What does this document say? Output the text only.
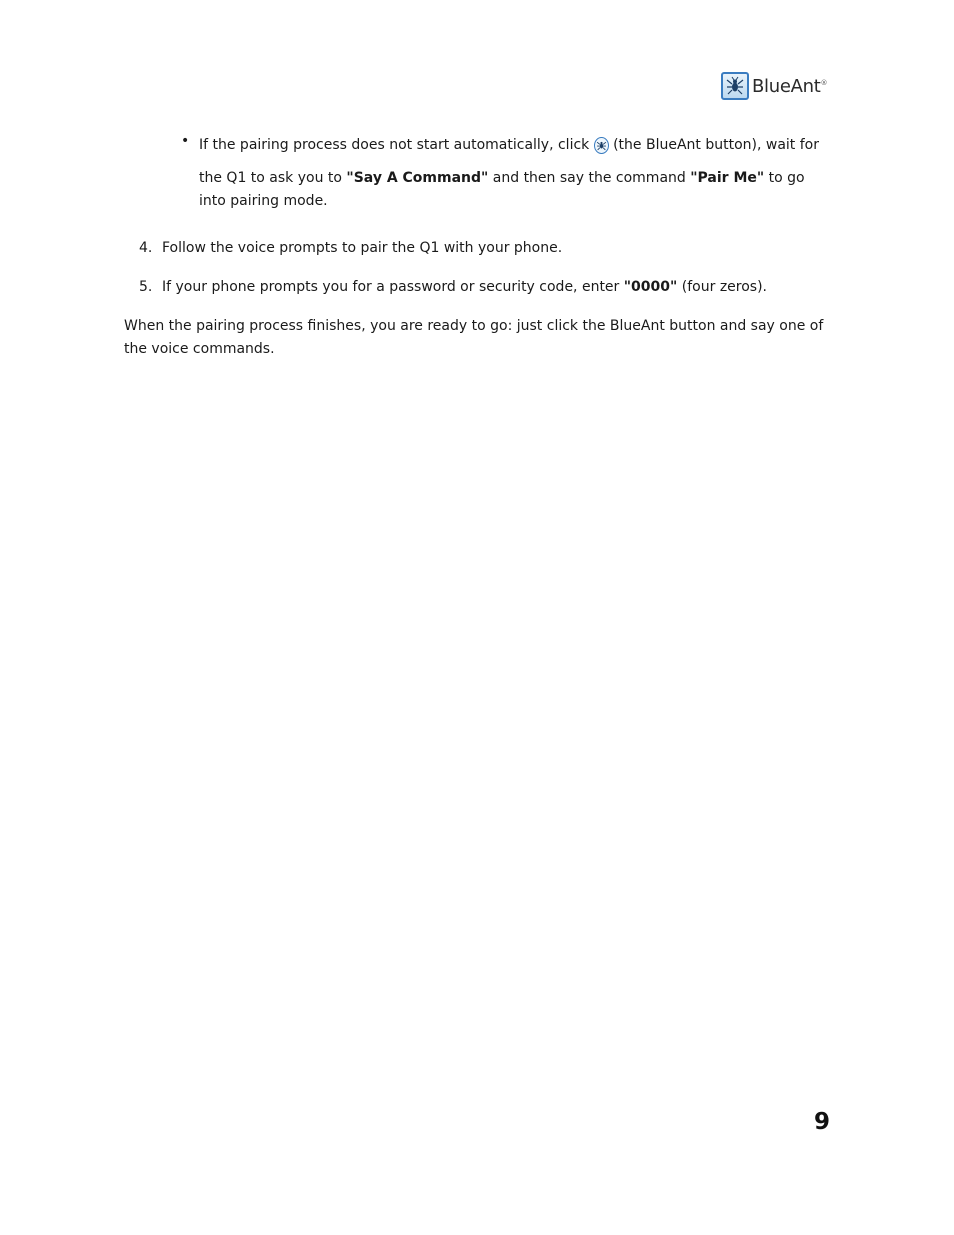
BlueAnt®
• If the pairing process does not start automatically, click (the BlueAnt button), wait for
the Q1 to ask you to "Say A Command" and then say the command "Pair Me" to go into pairing mode.
4. Follow the voice prompts to pair the Q1 with your phone.
5. If your phone prompts you for a password or security code, enter "0000" (four zeros).
When the pairing process finishes, you are ready to go: just click the BlueAnt button and say one of the voice commands.
9
